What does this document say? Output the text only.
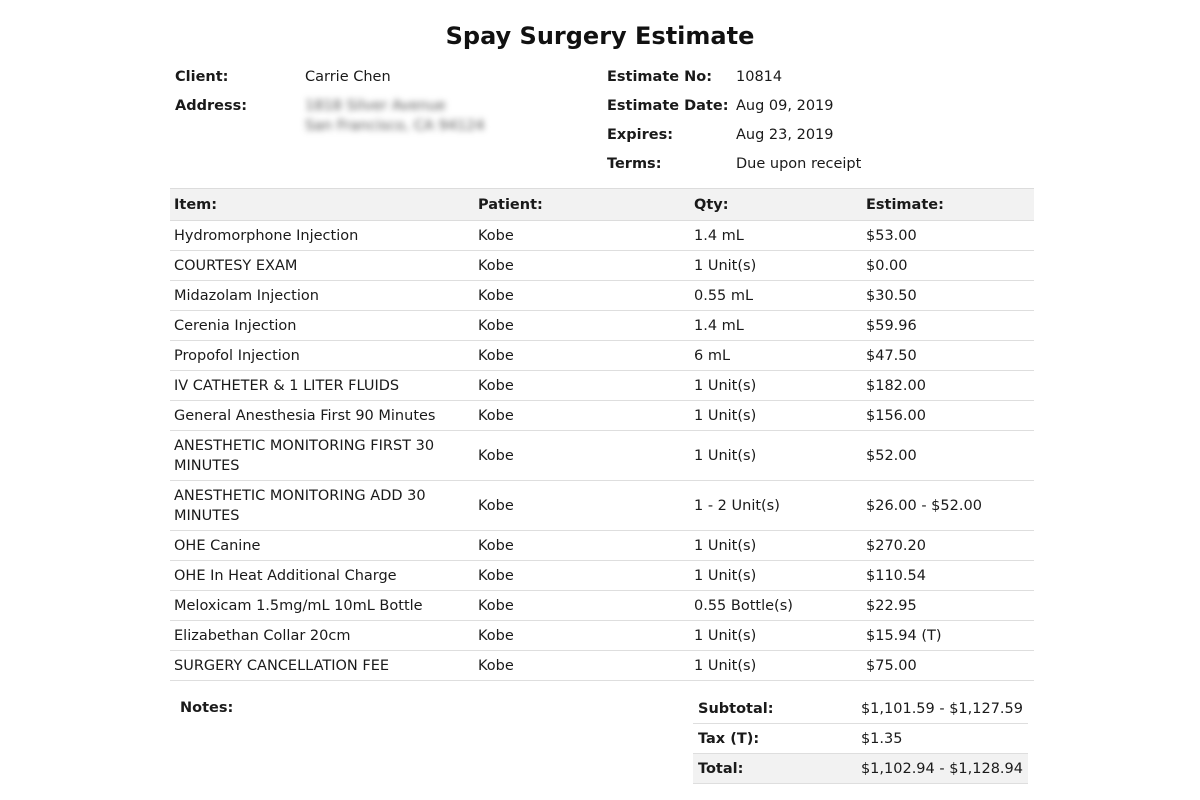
Spay Surgery Estimate
Client:	Carrie Chen
Address:	1818 Silver Avenue
San Francisco, CA 94124
Estimate No: 10814
Estimate Date: Aug 09, 2019
Expires:	Aug 23, 2019
Terms:	Due upon receipt
Item:	Patient:	Qty:	Estimate:
Hydromorphone Injection	Kobe	1.4 mL	$53.00
COURTESY EXAM	Kobe	1 Unit(s)	$0.00
Midazolam Injection	Kobe	0.55 mL	$30.50
Cerenia Injection	Kobe	1.4 mL	$59.96
Propofol Injection	Kobe	6 mL	$47.50
IV CATHETER & 1 LITER FLUIDS	Kobe	1 Unit(s)	$182.00
General Anesthesia First 90 Minutes	Kobe	1 Unit(s)	$156.00
ANESTHETIC MONITORING FIRST 30 MINUTES	Kobe	1 Unit(s)	$52.00
ANESTHETIC MONITORING ADD 30 MINUTES	Kobe	1 - 2 Unit(s)	$26.00 - $52.00
OHE Canine	Kobe	1 Unit(s)	$270.20
OHE In Heat Additional Charge	Kobe	1 Unit(s)	$110.54
Meloxicam 1.5mg/mL 10mL Bottle	Kobe	0.55 Bottle(s)	$22.95
Elizabethan Collar 20cm	Kobe	1 Unit(s)	$15.94 (T)
SURGERY CANCELLATION FEE	Kobe	1 Unit(s)	$75.00
Notes:	Subtotal:	$1,101.59 - $1,127.59
Tax (T):	$1.35
Total:	$1,102.94 - $1,128.94
